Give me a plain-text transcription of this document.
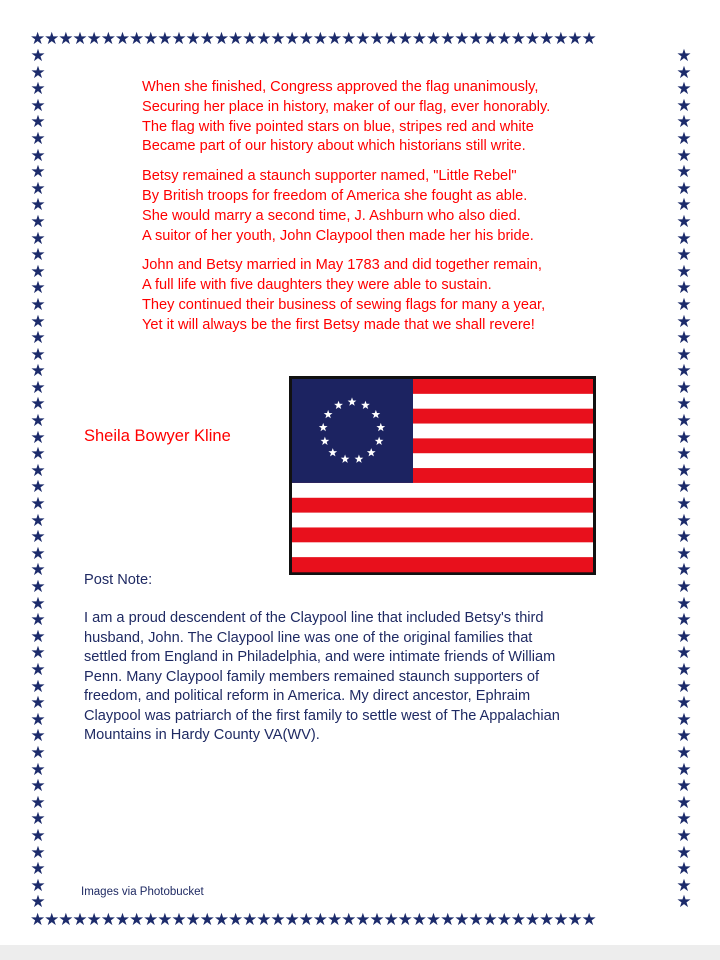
★★★★★★★★★★★★★★★★★★★★★★★★★★★★★★★★★★★★★★★★
★★★★★★★★★★★★★★★★★★★★★★★★★★★★★★★★★★★★★★★★
★
★
★
★
★
★
★
★
★
★
★
★
★
★
★
★
★
★
★
★
★
★
★
★
★
★
★
★
★
★
★
★
★
★
★
★
★
★
★
★
★
★
★
★
★
★
★
★
★
★
★
★
★
★
★
★
★
★
★
★
★
★
★
★
★
★
★
★
★
★
★
★
★
★
★
★
★
★
★
★
★
★
★
★
★
★
★
★
★
★
★
★
★
★
★
★
★
★
★
★
★
★
★
★

When she finished, Congress approved the flag unanimously,
Securing her place in history, maker of our flag, ever honorably.
The flag with five pointed stars on blue, stripes red and white
Became part of our history about which historians still write.

Betsy remained a staunch supporter named, "Little Rebel"
By British troops for freedom of America she fought as able.
She would marry a second time, J. Ashburn who also died.
A suitor of her youth, John Claypool then made her his bride.

John and Betsy married in May 1783 and did together remain,
A full life with five daughters they were able to sustain.
They continued their business of sewing flags for many a year,
Yet it will always be the first Betsy made that we shall revere!

Sheila Bowyer Kline
Post Note:
I am a proud descendent of the Claypool line that included Betsy's third
husband, John. The Claypool line was one of the original families that
settled from England in Philadelphia, and were intimate friends of William
Penn. Many Claypool family members remained staunch supporters of
freedom, and political reform in America. My direct ancestor, Ephraim
Claypool was patriarch of the first family to settle west of The Appalachian
Mountains in Hardy County VA(WV).
Images via Photobucket
